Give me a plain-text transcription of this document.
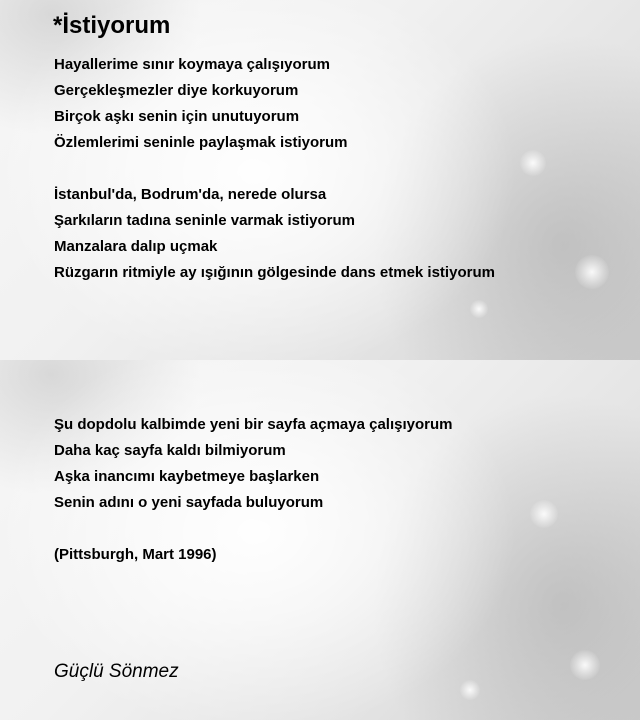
*İstiyorum

Hayallerime sınır koymaya çalışıyorum

Gerçekleşmezler diye korkuyorum

Birçok aşkı senin için unutuyorum

Özlemlerimi seninle paylaşmak istiyorum

İstanbul'da, Bodrum'da, nerede olursa

Şarkıların tadına seninle varmak istiyorum

Manzalara dalıp uçmak

Rüzgarın ritmiyle ay ışığının gölgesinde dans etmek istiyorum

Şu dopdolu kalbimde yeni bir sayfa açmaya çalışıyorum

Daha kaç sayfa kaldı bilmiyorum

Aşka inancımı kaybetmeye başlarken

Senin adını o yeni sayfada buluyorum

(Pittsburgh, Mart 1996)

Güçlü Sönmez
